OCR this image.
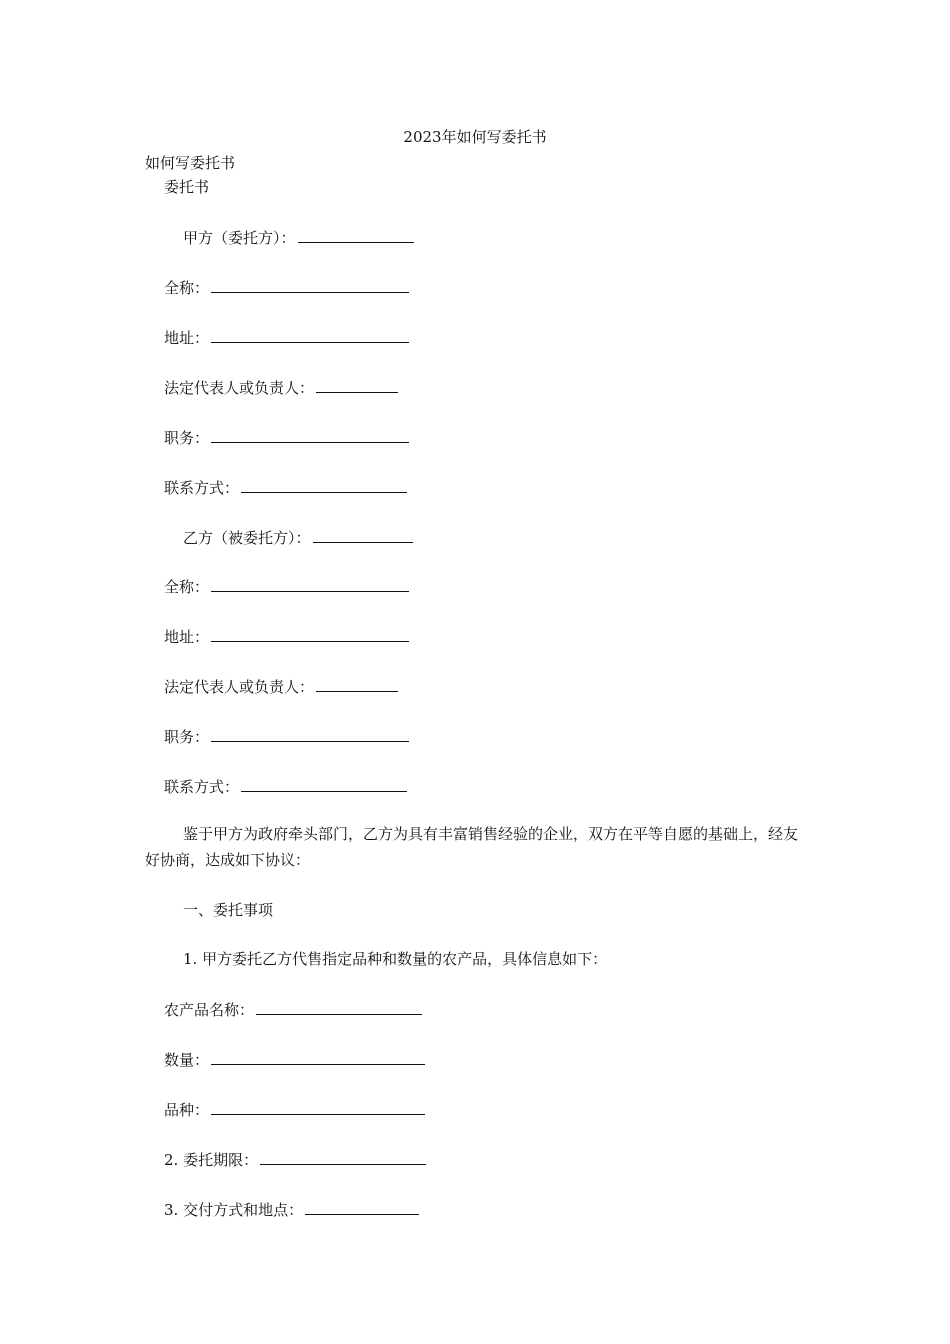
2023年如何写委托书
如何写委托书
委托书
甲方（委托方）：
全称：
地址：
法定代表人或负责人：
职务：
联系方式：
乙方（被委托方）：
全称：
地址：
法定代表人或负责人：
职务：
联系方式：
鉴于甲方为政府牵头部门，乙方为具有丰富销售经验的企业，双方在平等自愿的基础上，经友好协商，达成如下协议：
一、委托事项
1. 甲方委托乙方代售指定品种和数量的农产品，具体信息如下：
农产品名称：
数量：
品种：
2. 委托期限：
3. 交付方式和地点：
